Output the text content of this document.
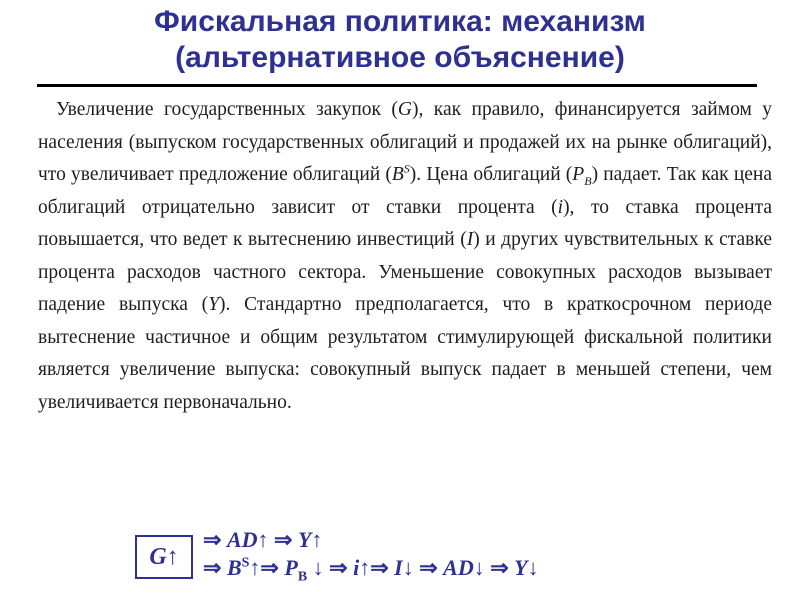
Фискальная политика: механизм
(альтернативное объяснение)

Увеличение государственных закупок (G), как правило, финансируется займом у населения (выпуском государственных облигаций и продажей их на рынке облигаций), что увеличивает предложение облигаций $(B^S)$. Цена облигаций $(P_B)$ падает. Так как цена облигаций отрицательно зависит от ставки процента (i), то ставка процента повышается, что ведет к вытеснению инвестиций (I) и других чувствительных к ставке процента расходов частного сектора. Уменьшение совокупных расходов вызывает падение выпуска (Y). Стандартно предполагается, что в краткосрочном периоде вытеснение частичное и общим результатом стимулирующей фискальной политики является увеличение выпуска: совокупный выпуск падает в меньшей степени, чем увеличивается первоначально.

G↑
⇒ AD↑ ⇒ Y↑
⇒ $B^S↑\Rightarrow$ $P_B$ ↓ ⇒ i↑⇒ I↓ ⇒ AD↓ ⇒ Y↓
